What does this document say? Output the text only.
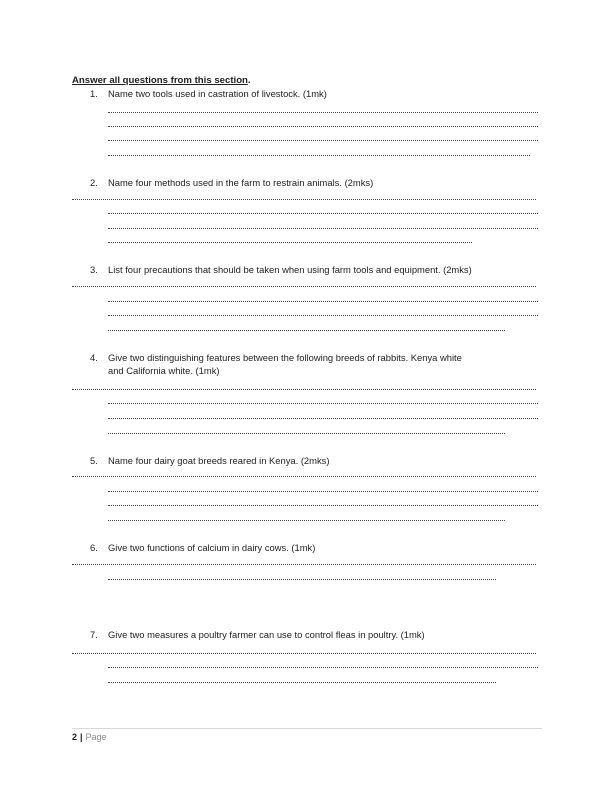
Answer all questions from this section.
1. Name two tools used in castration of livestock. (1mk)
2. Name four methods used in the farm to restrain animals. (2mks)
3. List four precautions that should be taken when using farm tools and equipment. (2mks)
4. Give two distinguishing features between the following breeds of rabbits. Kenya white
and California white. (1mk)
5. Name four dairy goat breeds reared in Kenya. (2mks)
6. Give two functions of calcium in dairy cows. (1mk)
7. Give two measures a poultry farmer can use to control fleas in poultry. (1mk)
2 | Page
